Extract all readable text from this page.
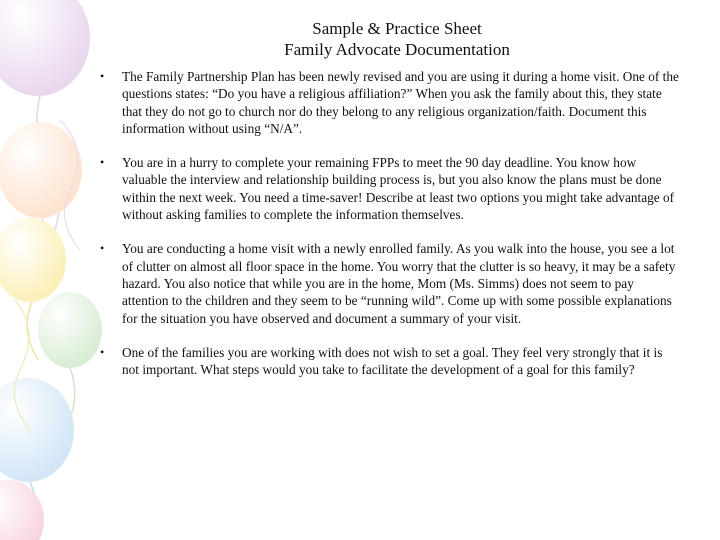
Sample & Practice Sheet
Family Advocate Documentation
• The Family Partnership Plan has been newly revised and you are using it during a home visit. One of the questions states: “Do you have a religious affiliation?” When you ask the family about this, they state that they do not go to church nor do they belong to any religious organization/faith. Document this information without using “N/A”.
• You are in a hurry to complete your remaining FPPs to meet the 90 day deadline. You know how valuable the interview and relationship building process is, but you also know the plans must be done within the next week. You need a time-saver! Describe at least two options you might take advantage of without asking families to complete the information themselves.
• You are conducting a home visit with a newly enrolled family. As you walk into the house, you see a lot of clutter on almost all floor space in the home. You worry that the clutter is so heavy, it may be a safety hazard. You also notice that while you are in the home, Mom (Ms. Simms) does not seem to pay attention to the children and they seem to be “running wild”. Come up with some possible explanations for the situation you have observed and document a summary of your visit.
• One of the families you are working with does not wish to set a goal. They feel very strongly that it is not important. What steps would you take to facilitate the development of a goal for this family?
